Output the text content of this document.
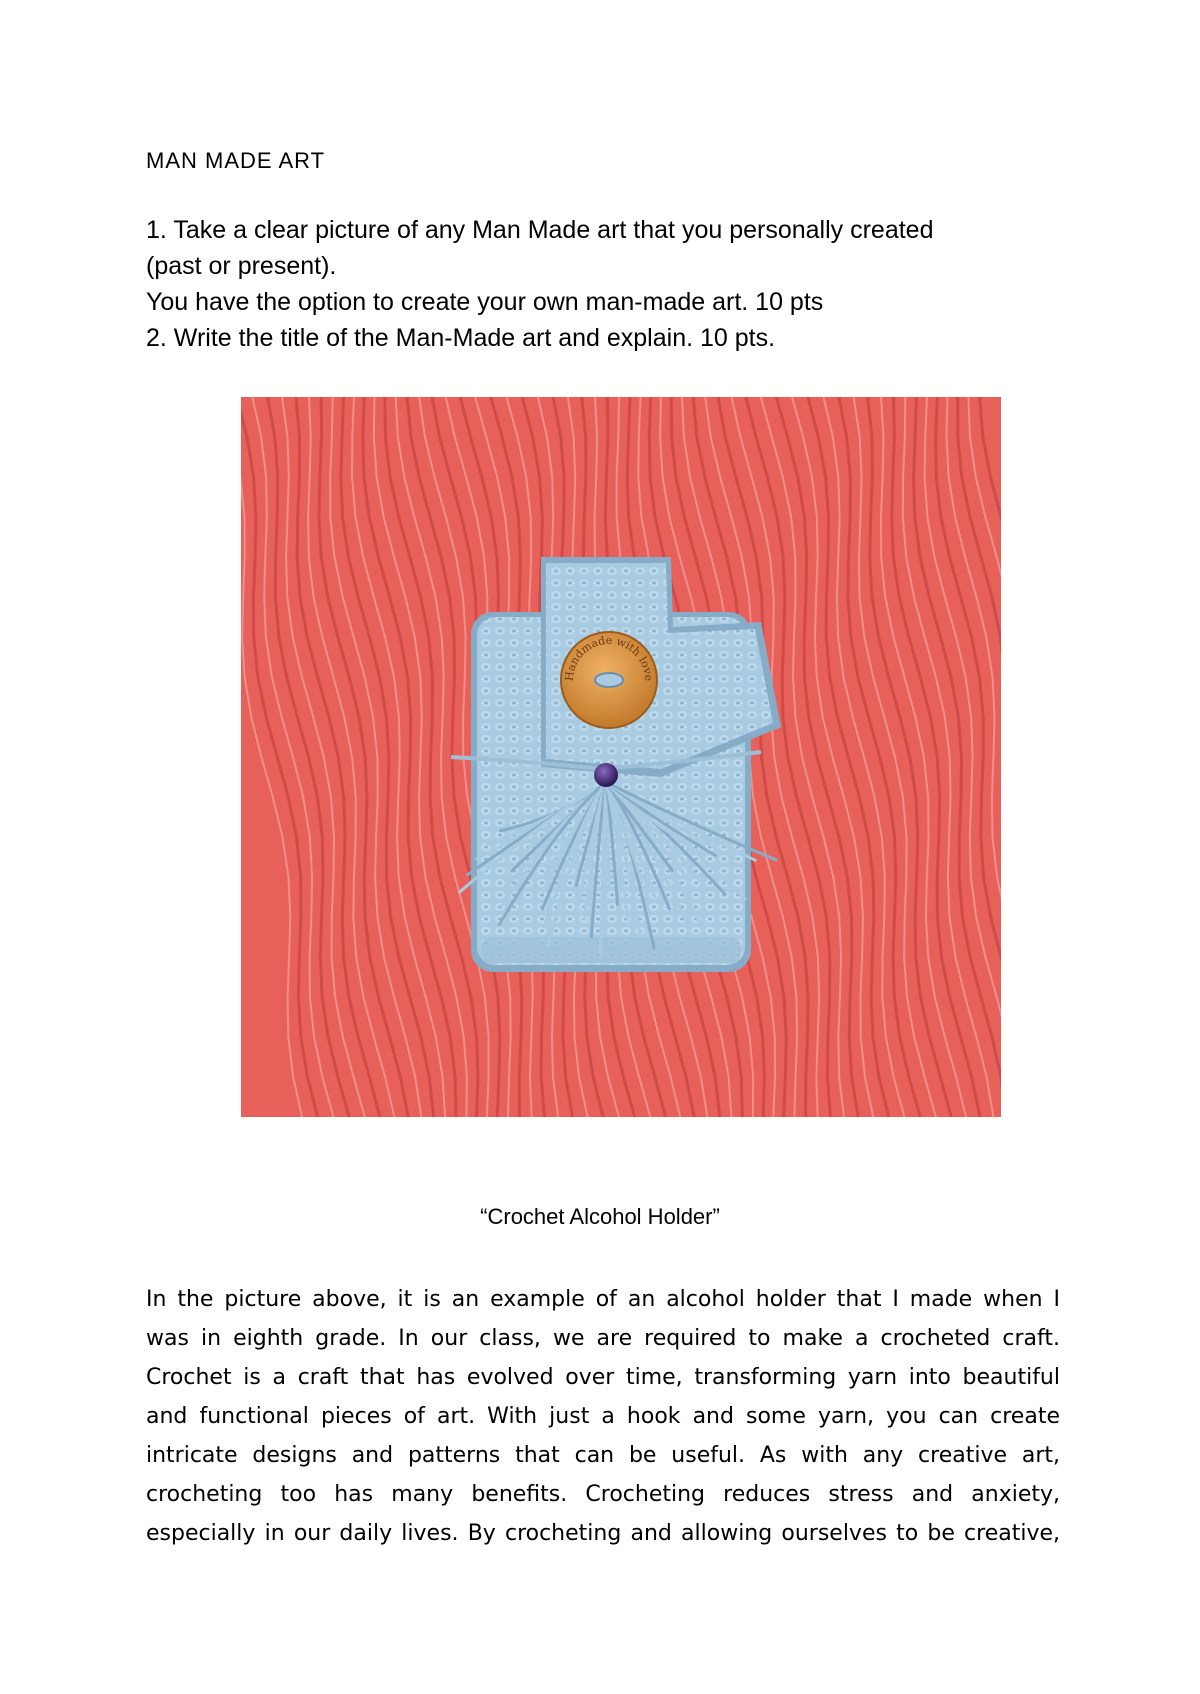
MAN MADE ART
1. Take a clear picture of any Man Made art that you personally created
(past or present).
You have the option to create your own man-made art. 10 pts
2. Write the title of the Man-Made art and explain. 10 pts.
Handmade with love
“Crochet Alcohol Holder”
In the picture above, it is an example of an alcohol holder that I made when I
was in eighth grade. In our class, we are required to make a crocheted craft.
Crochet is a craft that has evolved over time, transforming yarn into beautiful
and functional pieces of art. With just a hook and some yarn, you can create
intricate designs and patterns that can be useful. As with any creative art,
crocheting too has many benefits. Crocheting reduces stress and anxiety,
especially in our daily lives. By crocheting and allowing ourselves to be creative,
